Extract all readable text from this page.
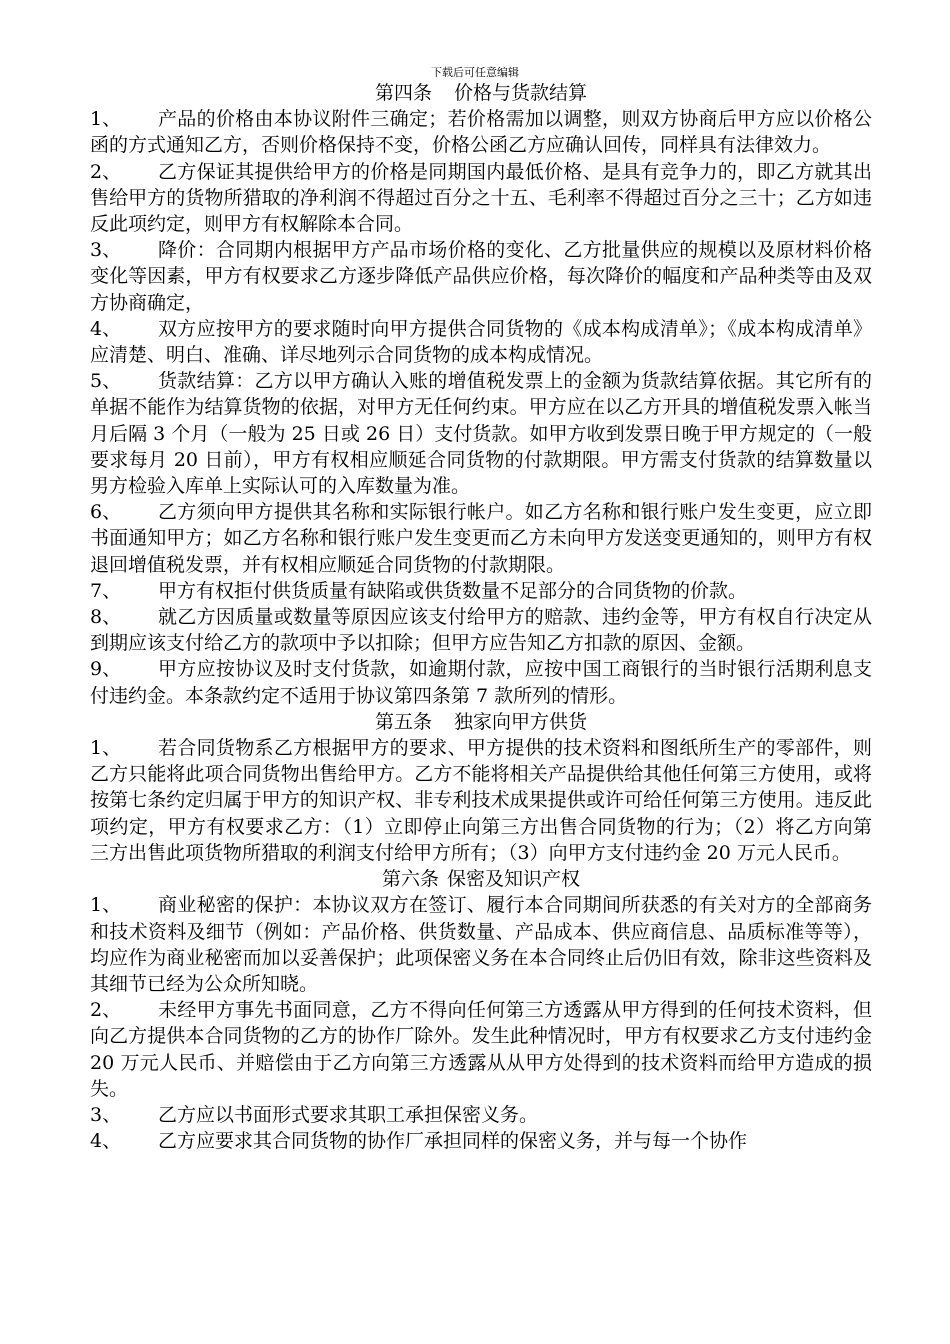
下载后可任意编辑

第四条 价格与货款结算

1、	产品的价格由本协议附件三确定；若价格需加以调整，则双方协商后甲方应以价格公函的方式通知乙方，否则价格保持不变，价格公函乙方应确认回传，同样具有法律效力。
2、	乙方保证其提供给甲方的价格是同期国内最低价格、是具有竞争力的，即乙方就其出售给甲方的货物所猎取的净利润不得超过百分之十五、毛利率不得超过百分之三十；乙方如违反此项约定，则甲方有权解除本合同。
3、	降价：合同期内根据甲方产品市场价格的变化、乙方批量供应的规模以及原材料价格变化等因素，甲方有权要求乙方逐步降低产品供应价格，每次降价的幅度和产品种类等由及双方协商确定，
4、	双方应按甲方的要求随时向甲方提供合同货物的《成本构成清单》；《成本构成清单》应清楚、明白、准确、详尽地列示合同货物的成本构成情况。
5、	货款结算：乙方以甲方确认入账的增值税发票上的金额为货款结算依据。其它所有的单据不能作为结算货物的依据，对甲方无任何约束。甲方应在以乙方开具的增值税发票入帐当月后隔 3 个月（一般为 25 日或 26 日）支付货款。如甲方收到发票日晚于甲方规定的（一般要求每月 20 日前），甲方有权相应顺延合同货物的付款期限。甲方需支付货款的结算数量以男方检验入库单上实际认可的入库数量为准。
6、	乙方须向甲方提供其名称和实际银行帐户。如乙方名称和银行账户发生变更，应立即书面通知甲方；如乙方名称和银行账户发生变更而乙方未向甲方发送变更通知的，则甲方有权退回增值税发票，并有权相应顺延合同货物的付款期限。
7、	甲方有权拒付供货质量有缺陷或供货数量不足部分的合同货物的价款。
8、	就乙方因质量或数量等原因应该支付给甲方的赔款、违约金等，甲方有权自行决定从到期应该支付给乙方的款项中予以扣除；但甲方应告知乙方扣款的原因、金额。
9、	甲方应按协议及时支付货款，如逾期付款，应按中国工商银行的当时银行活期利息支付违约金。本条款约定不适用于协议第四条第 7 款所列的情形。

第五条 独家向甲方供货

1、	若合同货物系乙方根据甲方的要求、甲方提供的技术资料和图纸所生产的零部件，则乙方只能将此项合同货物出售给甲方。乙方不能将相关产品提供给其他任何第三方使用，或将按第七条约定归属于甲方的知识产权、非专利技术成果提供或许可给任何第三方使用。违反此项约定，甲方有权要求乙方：（1）立即停止向第三方出售合同货物的行为；（2）将乙方向第三方出售此项货物所猎取的利润支付给甲方所有；（3）向甲方支付违约金 20 万元人民币。

第六条 保密及知识产权

1、	商业秘密的保护：本协议双方在签订、履行本合同期间所获悉的有关对方的全部商务和技术资料及细节（例如：产品价格、供货数量、产品成本、供应商信息、品质标准等等），均应作为商业秘密而加以妥善保护；此项保密义务在本合同终止后仍旧有效，除非这些资料及其细节已经为公众所知晓。
2、	未经甲方事先书面同意，乙方不得向任何第三方透露从甲方得到的任何技术资料，但向乙方提供本合同货物的乙方的协作厂除外。发生此种情况时，甲方有权要求乙方支付违约金 20 万元人民币、并赔偿由于乙方向第三方透露从从甲方处得到的技术资料而给甲方造成的损失。
3、	乙方应以书面形式要求其职工承担保密义务。
4、	乙方应要求其合同货物的协作厂承担同样的保密义务，并与每一个协作
